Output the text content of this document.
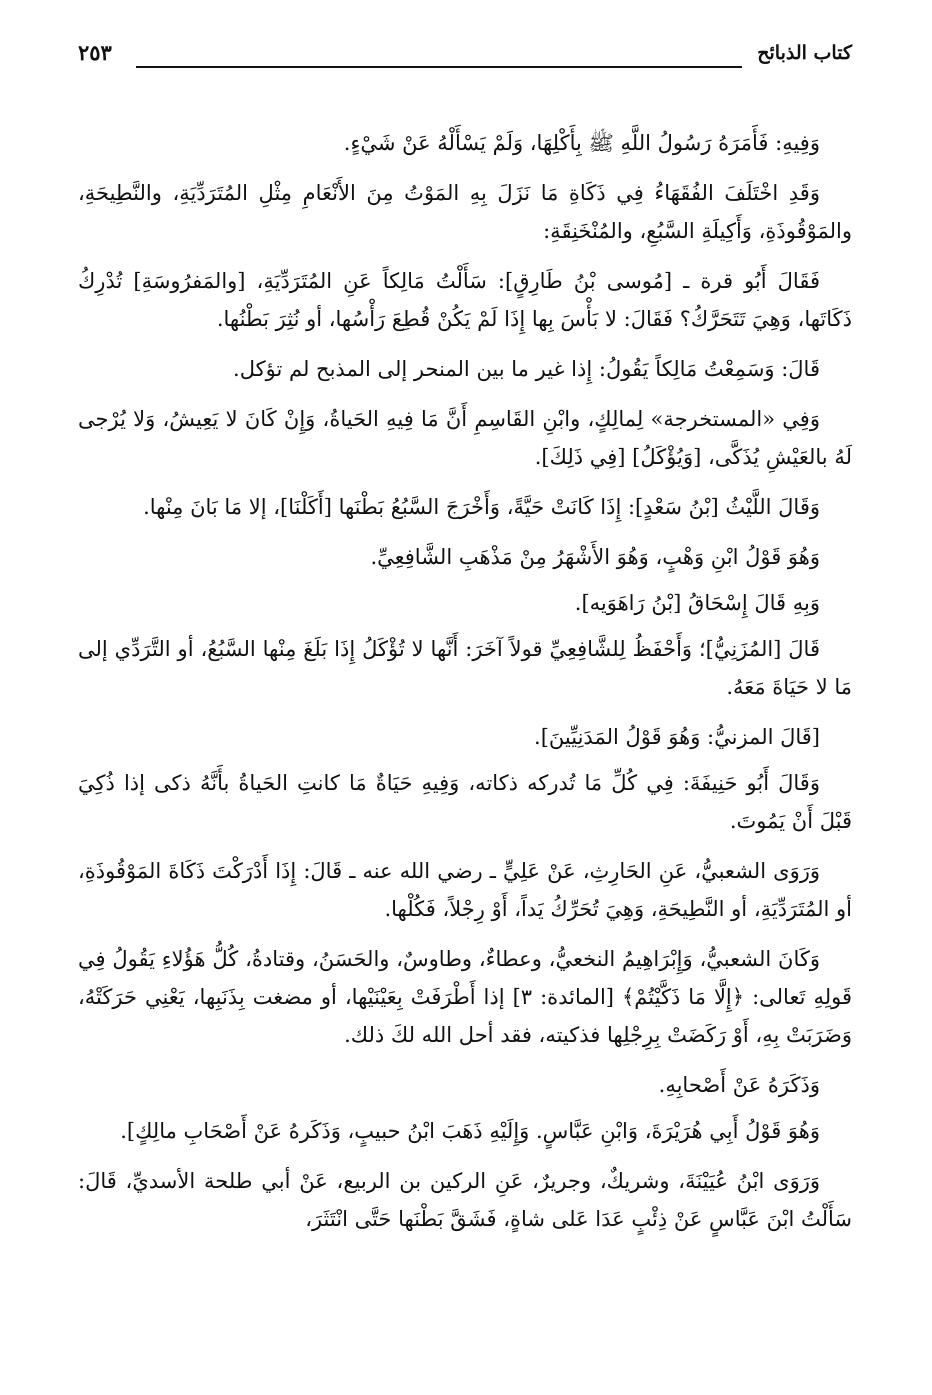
كتاب الذبائح
٢٥٣

وَفِيهِ: فَأَمَرَهُ رَسُولُ اللَّهِ ﷺ بِأَكْلِهَا، وَلَمْ يَسْأَلْهُ عَنْ شَيْءٍ.

وَقَدِ اخْتَلَفَ الفُقَهَاءُ فِي ذَكَاةِ مَا نَزَلَ بِهِ المَوْتُ مِنَ الأَنْعَامِ مِثْلِ المُتَرَدِّيَةِ، والنَّطِيحَةِ، والمَوْقُوذَةِ، وَأَكِيلَةِ السَّبُعِ، والمُنْخَنِقَةِ:

فَقَالَ أَبُو قرة ـ [مُوسى بْنُ طَارِقٍ]: سَأَلْتُ مَالِكاً عَنِ المُتَرَدِّيَةِ، [والمَفرُوسَةِ] تُدْرِكُ ذَكَاتَها، وَهِيَ تَتَحَرَّكُ؟ فَقَالَ: لا بَأْسَ بِها إِذَا لَمْ يَكُنْ قُطِعَ رَأْسُها، أو نُثِرَ بَطْنُها.

قَالَ: وَسَمِعْتُ مَالِكاً يَقُولُ: إِذا غير ما بين المنحر إلى المذبح لم تؤكل.

وَفِي «المستخرجة» لِمالِكٍ، وابْنِ القَاسِمِ أَنَّ مَا فِيهِ الحَياةُ، وَإِنْ كَانَ لا يَعِيشُ، وَلا يُرْجى لَهُ بالعَيْشِ يُذَكَّى، [وَيُؤْكَلُ] [فِي ذَلِكَ].

وَقَالَ اللَّيْثُ [بْنُ سَعْدٍ]: إِذَا كَانَتْ حَيَّةً، وَأَخْرَجَ السَّبُعُ بَطْنَها [أَكَلْنَا]، إلا مَا بَانَ مِنْها.

وَهُوَ قَوْلُ ابْنِ وَهْبٍ، وَهُوَ الأَشْهَرُ مِنْ مَذْهَبِ الشَّافِعِيِّ.

وَبِهِ قَالَ إِسْحَاقُ [بْنُ رَاهَوَيه].

قَالَ [المُزَنِيُّ]؛ وَأَحْفَظُ لِلشَّافِعِيِّ قولاً آخَرَ: أَنَّها لا تُؤْكَلُ إِذَا بَلَغَ مِنْها السَّبُعُ، أو التَّرَدِّي إلى مَا لا حَيَاةَ مَعَهُ.

[قَالَ المزنيُّ: وَهُوَ قَوْلُ المَدَنِيِّينَ].

وَقَالَ أَبُو حَنِيفَةَ: فِي كُلِّ مَا تُدركه ذكاته، وَفِيهِ حَيَاةٌ مَا كانتِ الحَياةُ بأَنَّهُ ذكى إذا ذُكِيَ قَبْلَ أَنْ يَمُوتَ.

وَرَوَى الشعبيُّ، عَنِ الحَارِثِ، عَنْ عَلِيٍّ ـ رضي الله عنه ـ قَالَ: إِذَا أَدْرَكْتَ ذَكَاةَ المَوْقُوذَةِ، أو المُتَرَدِّيَةِ، أو النَّطِيحَةِ، وَهِيَ تُحَرِّكُ يَداً، أَوْ رِجْلاً، فَكُلْها.

وَكَانَ الشعبيُّ، وَإِبْرَاهِيمُ النخعيُّ، وعطاءٌ، وطاوسٌ، والحَسَنُ، وقتادةُ، كُلُّ هَؤُلاءِ يَقُولُ فِي قَولِهِ تَعالى: ﴿إِلَّا مَا ذَكَّيْتُمْ﴾ [المائدة: ٣] إذا أَطْرَفَتْ بِعَيْنَيْها، أو مضغت بِذَنَبِها، يَعْنِي حَرَكَتْهُ، وَضَرَبَتْ بِهِ، أَوْ رَكَضَتْ بِرِجْلِها فذكيته، فقد أحل الله لكَ ذلك.

وَذَكَرَهُ عَنْ أَصْحابِهِ.

وَهُوَ قَوْلُ أَبِي هُرَيْرَةَ، وَابْنِ عَبَّاسٍ. وَإِلَيْهِ ذَهَبَ ابْنُ حبيبٍ، وَذَكَرهُ عَنْ أَصْحَابِ مالِكٍ].

وَرَوَى ابْنُ عُيَيْنَةَ، وشريكٌ، وجريرٌ، عَنِ الركين بن الربيع، عَنْ أبي طلحة الأسديِّ، قَالَ: سَأَلْتُ ابْنَ عَبَّاسٍ عَنْ ذِئْبٍ عَدَا عَلى شاةٍ، فَشَقَّ بَطْنَها حَتَّى انْتَثَرَ،
